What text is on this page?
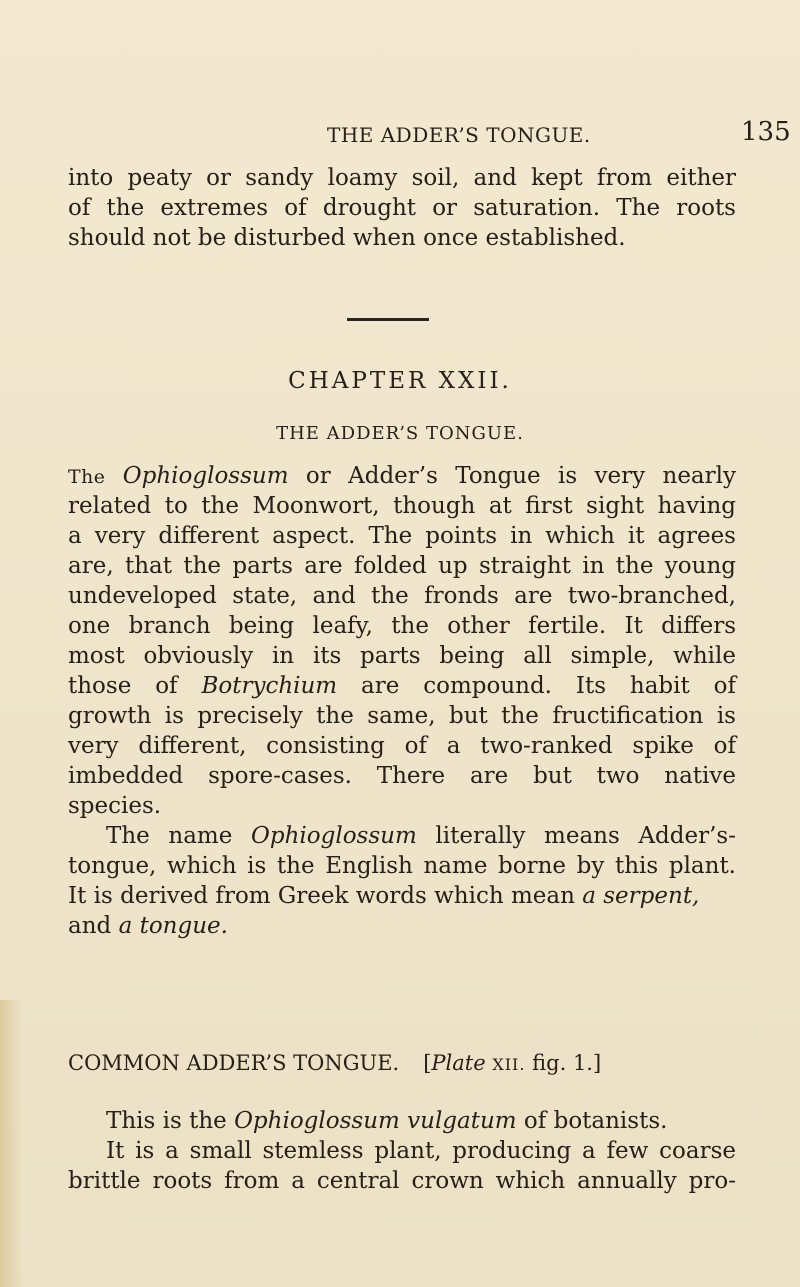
THE ADDER’S TONGUE.	135
into peaty or sandy loamy soil, and kept from either
of the extremes of drought or saturation. The roots
should not be disturbed when once established.
CHAPTER XXII.
THE ADDER’S TONGUE.
The Ophioglossum or Adder’s Tongue is very nearly
related to the Moonwort, though at first sight having
a very different aspect. The points in which it agrees
are, that the parts are folded up straight in the young
undeveloped state, and the fronds are two-branched,
one branch being leafy, the other fertile. It differs
most obviously in its parts being all simple, while
those of Botrychium are compound. Its habit of
growth is precisely the same, but the fructification is
very different, consisting of a two-ranked spike of
imbedded spore-cases. There are but two native
species.
The name Ophioglossum literally means Adder’s-
tongue, which is the English name borne by this plant.
It is derived from Greek words which mean a serpent,
and a tongue.
COMMON ADDER’S TONGUE. [Plate XII. fig. 1.]
This is the Ophioglossum vulgatum of botanists.
It is a small stemless plant, producing a few coarse
brittle roots from a central crown which annually pro-
